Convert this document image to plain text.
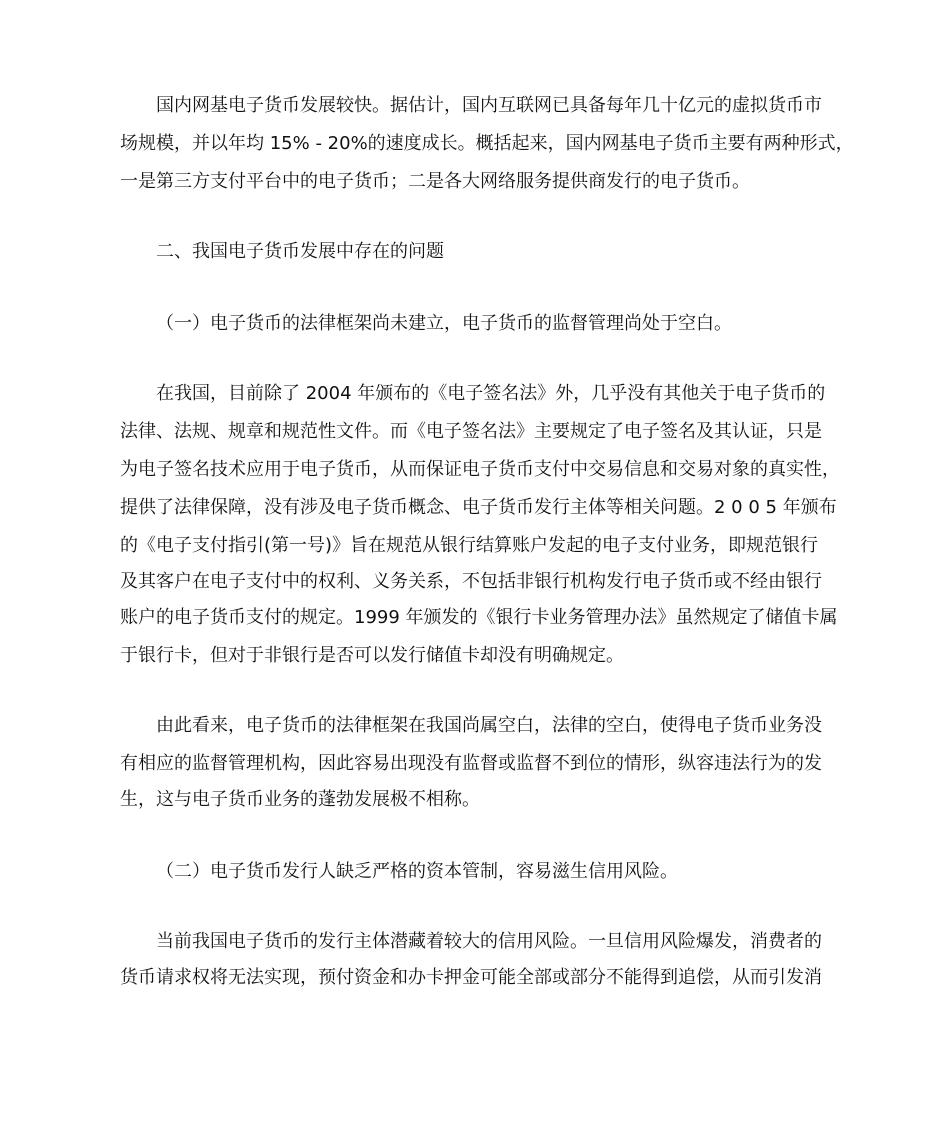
国内网基电子货币发展较快。据估计，国内互联网已具备每年几十亿元的虚拟货币市
场规模，并以年均 15% - 20%的速度成长。概括起来，国内网基电子货币主要有两种形式，
一是第三方支付平台中的电子货币；二是各大网络服务提供商发行的电子货币。
二、我国电子货币发展中存在的问题
（一）电子货币的法律框架尚未建立，电子货币的监督管理尚处于空白。
在我国，目前除了 2004 年颁布的《电子签名法》外，几乎没有其他关于电子货币的
法律、法规、规章和规范性文件。而《电子签名法》主要规定了电子签名及其认证，只是
为电子签名技术应用于电子货币，从而保证电子货币支付中交易信息和交易对象的真实性，
提供了法律保障，没有涉及电子货币概念、电子货币发行主体等相关问题。2 0 0 5 年颁布
的《电子支付指引(第一号)》旨在规范从银行结算账户发起的电子支付业务，即规范银行
及其客户在电子支付中的权利、义务关系，不包括非银行机构发行电子货币或不经由银行
账户的电子货币支付的规定。1999 年颁发的《银行卡业务管理办法》虽然规定了储值卡属
于银行卡，但对于非银行是否可以发行储值卡却没有明确规定。
由此看来，电子货币的法律框架在我国尚属空白，法律的空白，使得电子货币业务没
有相应的监督管理机构，因此容易出现没有监督或监督不到位的情形，纵容违法行为的发
生，这与电子货币业务的蓬勃发展极不相称。
（二）电子货币发行人缺乏严格的资本管制，容易滋生信用风险。
当前我国电子货币的发行主体潜藏着较大的信用风险。一旦信用风险爆发，消费者的
货币请求权将无法实现，预付资金和办卡押金可能全部或部分不能得到追偿，从而引发消
